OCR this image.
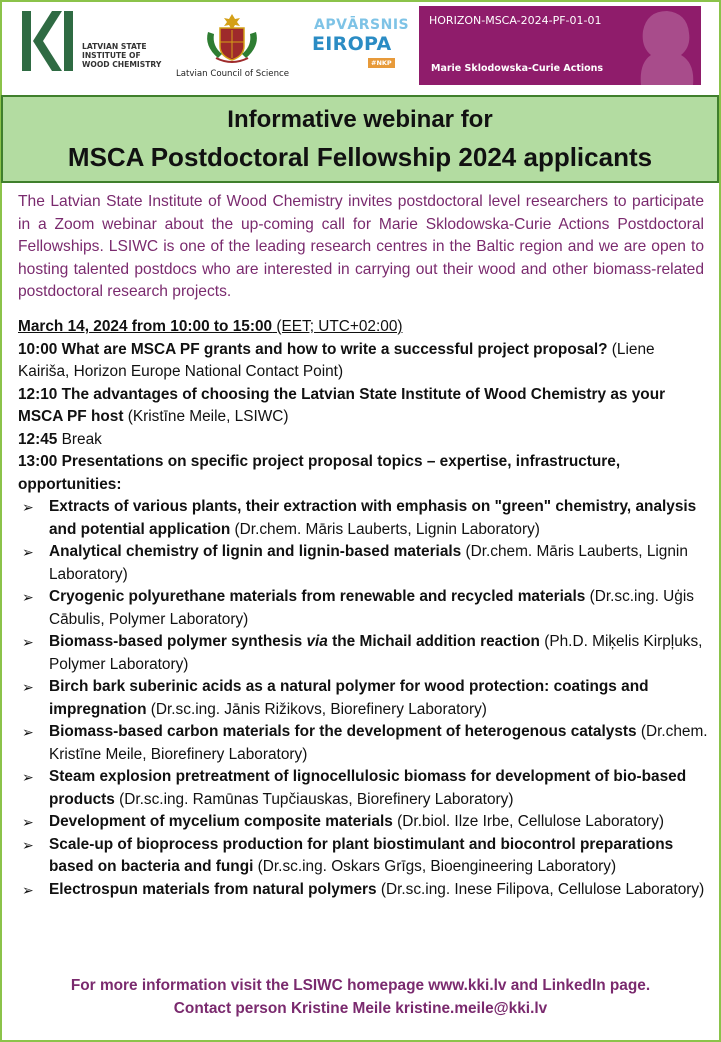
LATVIAN STATE
INSTITUTE OF
WOOD CHEMISTRY
Latvian Council of Science
APVĀRSNIS
EIROPA
#NKP
HORIZON-MSCA-2024-PF-01-01
Marie Sklodowska-Curie Actions
Informative webinar for
MSCA Postdoctoral Fellowship 2024 applicants

The Latvian State Institute of Wood Chemistry invites postdoctoral level researchers to participate in a Zoom webinar about the up-coming call for Marie Sklodowska-Curie Actions Postdoctoral Fellowships. LSIWC is one of the leading research centres in the Baltic region and we are open to hosting talented postdocs who are interested in carrying out their wood and other biomass-related postdoctoral research projects.

March 14, 2024 from 10:00 to 15:00 (EET; UTC+02:00)

10:00 What are MSCA PF grants and how to write a successful project proposal? (Liene Kairiša, Horizon Europe National Contact Point)

12:10 The advantages of choosing the Latvian State Institute of Wood Chemistry as your MSCA PF host (Kristīne Meile, LSIWC)

12:45 Break

13:00 Presentations on specific project proposal topics – expertise, infrastructure, opportunities:

➢ Extracts of various plants, their extraction with emphasis on "green" chemistry, analysis and potential application (Dr.chem. Māris Lauberts, Lignin Laboratory)
➢ Analytical chemistry of lignin and lignin-based materials (Dr.chem. Māris Lauberts, Lignin Laboratory)
➢ Cryogenic polyurethane materials from renewable and recycled materials (Dr.sc.ing. Uģis Cābulis, Polymer Laboratory)
➢ Biomass-based polymer synthesis via the Michail addition reaction (Ph.D. Miķelis Kirpļuks, Polymer Laboratory)
➢ Birch bark suberinic acids as a natural polymer for wood protection: coatings and impregnation (Dr.sc.ing. Jānis Rižikovs, Biorefinery Laboratory)
➢ Biomass-based carbon materials for the development of heterogenous catalysts (Dr.chem. Kristīne Meile, Biorefinery Laboratory)
➢ Steam explosion pretreatment of lignocellulosic biomass for development of bio-based products (Dr.sc.ing. Ramūnas Tupčiauskas, Biorefinery Laboratory)
➢ Development of mycelium composite materials (Dr.biol. Ilze Irbe, Cellulose Laboratory)
➢ Scale-up of bioprocess production for plant biostimulant and biocontrol preparations based on bacteria and fungi (Dr.sc.ing. Oskars Grīgs, Bioengineering Laboratory)
➢ Electrospun materials from natural polymers (Dr.sc.ing. Inese Filipova, Cellulose Laboratory)
For more information visit the LSIWC homepage www.kki.lv and LinkedIn page.
Contact person Kristine Meile kristine.meile@kki.lv
